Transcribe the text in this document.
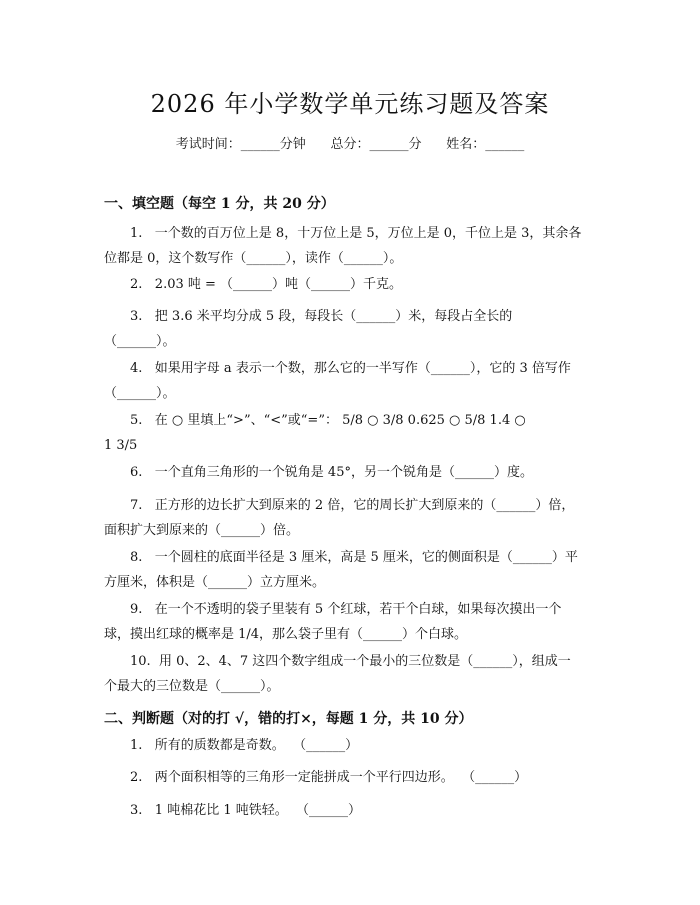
2026 年小学数学单元练习题及答案
考试时间：______分钟      总分：______分      姓名：______
一、填空题（每空 1 分，共 20 分）
1.   一个数的百万位上是 8，十万位上是 5，万位上是 0，千位上是 3，其余各
位都是 0，这个数写作（______），读作（______）。
2.   2.03 吨 = （______）吨（______）千克。
3.   把 3.6 米平均分成 5 段，每段长（______）米，每段占全长的
（______）。
4.   如果用字母 a 表示一个数，那么它的一半写作（______），它的 3 倍写作
（______）。
5.   在 ○ 里填上“>”、“<”或“=”： 5/8 ○ 3/8 0.625 ○ 5/8 1.4 ○
1 3/5
6.   一个直角三角形的一个锐角是 45°，另一个锐角是（______）度。
7.   正方形的边长扩大到原来的 2 倍，它的周长扩大到原来的（______）倍，
面积扩大到原来的（______）倍。
8.   一个圆柱的底面半径是 3 厘米，高是 5 厘米，它的侧面积是（______）平
方厘米，体积是（______）立方厘米。
9.   在一个不透明的袋子里装有 5 个红球，若干个白球，如果每次摸出一个
球，摸出红球的概率是 1/4，那么袋子里有（______）个白球。
10.  用 0、2、4、7 这四个数字组成一个最小的三位数是（______），组成一
个最大的三位数是（______）。
二、判断题（对的打 √，错的打×，每题 1 分，共 10 分）
1.   所有的质数都是奇数。  （______）
2.   两个面积相等的三角形一定能拼成一个平行四边形。  （______）
3.   1 吨棉花比 1 吨铁轻。  （______）
